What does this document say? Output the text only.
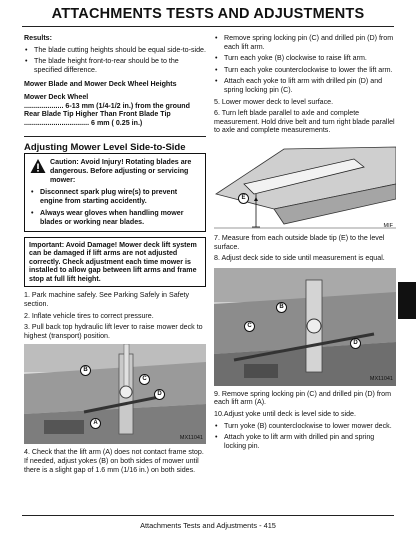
ATTACHMENTS TESTS AND ADJUSTMENTS

Results:

• The blade cutting heights should be equal side-to-side.

• The blade height front-to-rear should be to the specified difference.

Mower Blade and Mower Deck Wheel Heights

Mower Deck Wheel

.................... 6-13 mm (1/4-1/2 in.) from the ground

Rear Blade Tip Higher Than Front Blade Tip

................................. 6 mm ( 0.25 in.)

Adjusting Mower Level Side-to-Side

Caution: Avoid Injury! Rotating blades are dangerous. Before adjusting or servicing mower:

• Disconnect spark plug wire(s) to prevent engine from starting accidently.

• Always wear gloves when handling mower blades or working near blades.

Important: Avoid Damage! Mower deck lift system can be damaged if lift arms are not adjusted correctly. Check adjustment each time mower is installed to allow gap between lift arms and frame stop at full lift height.

1. Park machine safely. See Parking Safely in Safety section.

2. Inflate vehicle tires to correct pressure.

3. Pull back top hydraulic lift lever to raise mower deck to highest (transport) position.

B
C
D
A
MX11041

4. Check that the lift arm (A) does not contact frame stop. If needed, adjust yokes (B) on both sides of mower until there is a slight gap of 1.6 mm (1/16 in.) on both sides.

• Remove spring locking pin (C) and drilled pin (D) from each lift arm.

• Turn each yoke (B) clockwise to raise lift arm.

• Turn each yoke counterclockwise to lower the lift arm.

• Attach each yoke to lift arm with drilled pin (D) and spring locking pin (C).

5. Lower mower deck to level surface.

6. Turn left blade parallel to axle and complete measurement. Hold drive belt and turn right blade parallel to axle and complete measurements.

E
MIF

7. Measure from each outside blade tip (E) to the level surface.

8. Adjust deck side to side until measurement is equal.

B
C
D
MX11041

9. Remove spring locking pin (C) and drilled pin (D) from each lift arm (A).

10.Adjust yoke until deck is level side to side.

• Turn yoke (B) counterclockwise to lower mower deck.

• Attach yoke to lift arm with drilled pin and spring locking pin.

Attachments Tests and Adjustments - 415
